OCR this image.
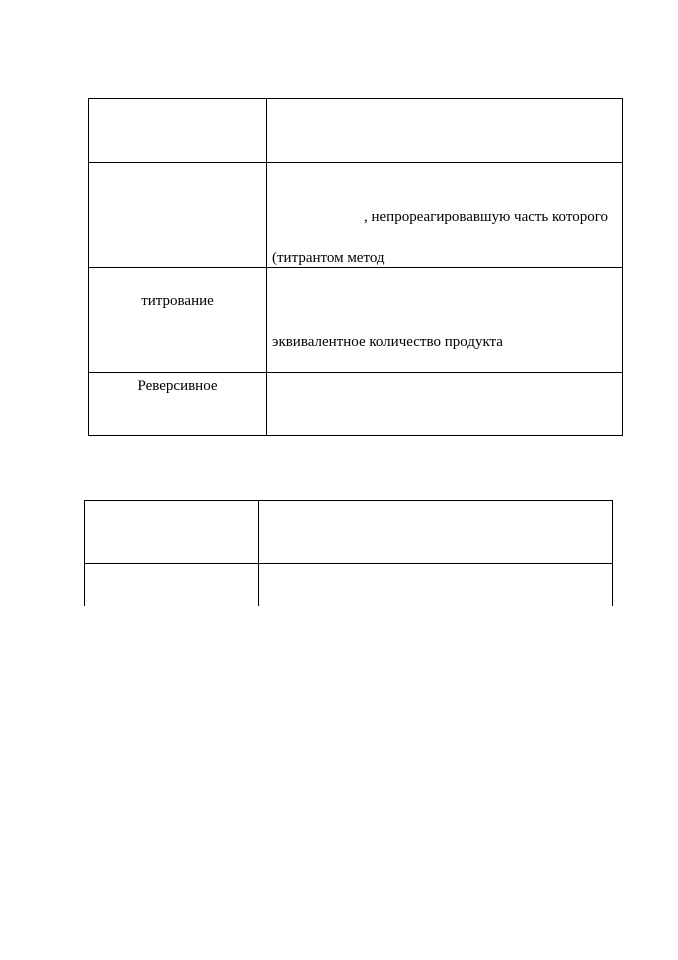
	, непрореагировавшую часть которого
(титрантом метод

титрование	эквивалентное количество продукта

Реверсивное	
